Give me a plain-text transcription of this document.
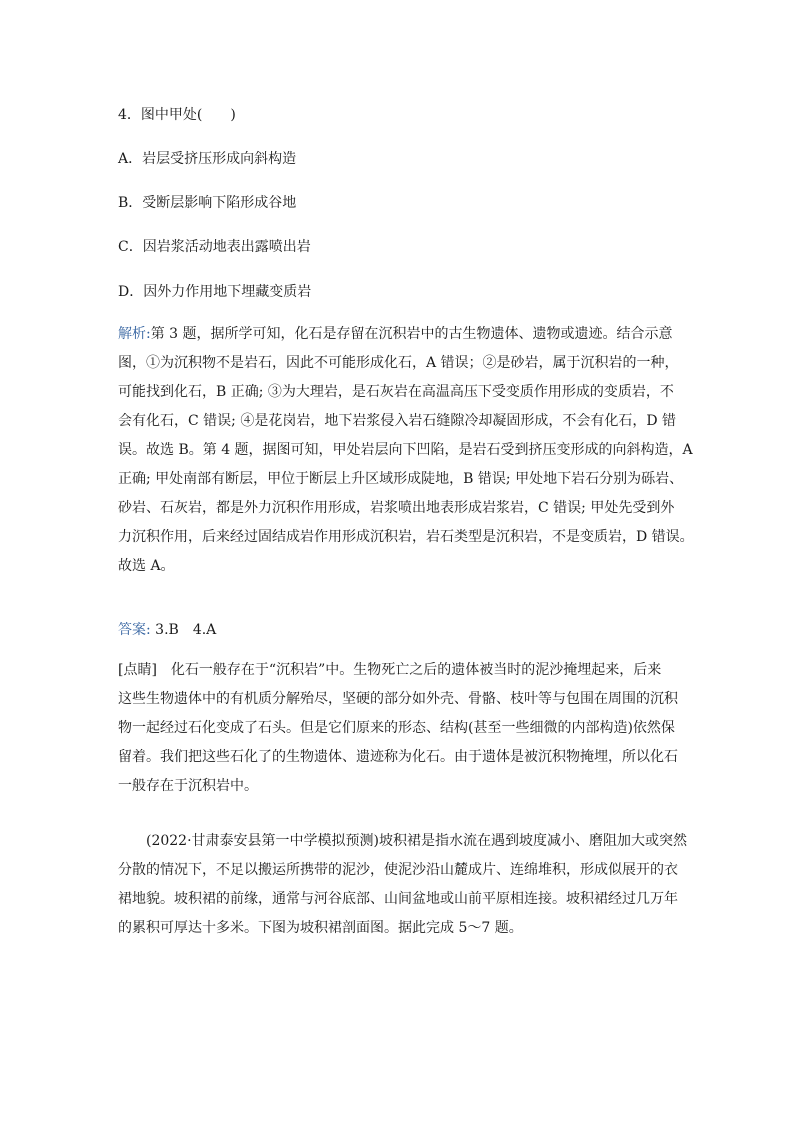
4．图中甲处(　　)
A．岩层受挤压形成向斜构造
B．受断层影响下陷形成谷地
C．因岩浆活动地表出露喷出岩
D．因外力作用地下埋藏变质岩
解析:第 3 题，据所学可知，化石是存留在沉积岩中的古生物遗体、遗物或遗迹。结合示意
图，①为沉积物不是岩石，因此不可能形成化石，A 错误；②是砂岩，属于沉积岩的一种，
可能找到化石，B 正确; ③为大理岩，是石灰岩在高温高压下受变质作用形成的变质岩，不
会有化石，C 错误; ④是花岗岩，地下岩浆侵入岩石缝隙冷却凝固形成，不会有化石，D 错
误。故选 B。第 4 题，据图可知，甲处岩层向下凹陷，是岩石受到挤压变形成的向斜构造，A
正确; 甲处南部有断层，甲位于断层上升区域形成陡地，B 错误; 甲处地下岩石分别为砾岩、
砂岩、石灰岩，都是外力沉积作用形成，岩浆喷出地表形成岩浆岩，C 错误; 甲处先受到外
力沉积作用，后来经过固结成岩作用形成沉积岩，岩石类型是沉积岩，不是变质岩，D 错误。
故选 A。
答案: 3.B　4.A
[点睛]　化石一般存在于“沉积岩”中。生物死亡之后的遗体被当时的泥沙掩埋起来，后来
这些生物遗体中的有机质分解殆尽，坚硬的部分如外壳、骨骼、枝叶等与包围在周围的沉积
物一起经过石化变成了石头。但是它们原来的形态、结构(甚至一些细微的内部构造)依然保
留着。我们把这些石化了的生物遗体、遗迹称为化石。由于遗体是被沉积物掩埋，所以化石
一般存在于沉积岩中。
(2022·甘肃泰安县第一中学模拟预测)坡积裙是指水流在遇到坡度减小、磨阻加大或突然
分散的情况下，不足以搬运所携带的泥沙，使泥沙沿山麓成片、连绵堆积，形成似展开的衣
裙地貌。坡积裙的前缘，通常与河谷底部、山间盆地或山前平原相连接。坡积裙经过几万年
的累积可厚达十多米。下图为坡积裙剖面图。据此完成 5～7 题。
